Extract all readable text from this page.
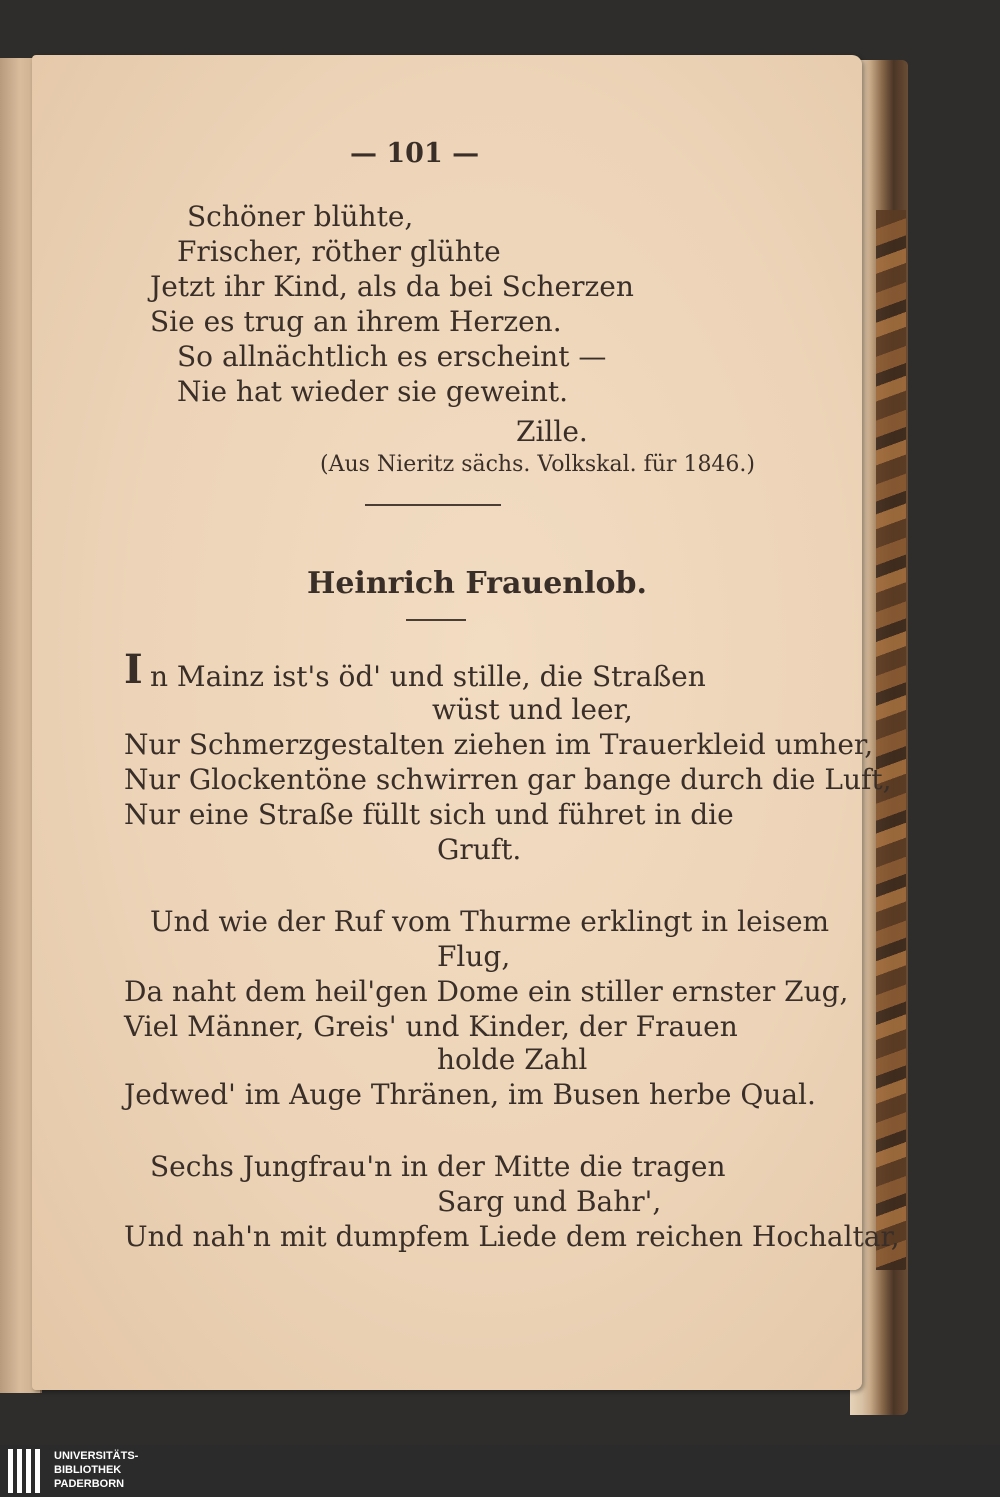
— 101 —
Schöner blühte,
Frischer, röther glühte
Jetzt ihr Kind, als da bei Scherzen
Sie es trug an ihrem Herzen.
So allnächtlich es erscheint —
Nie hat wieder sie geweint.
Zille.
(Aus Nieritz sächs. Volkskal. für 1846.)
Heinrich Frauenlob.
I n Mainz ist's öd' und stille, die Straßen
wüst und leer,
Nur Schmerzgestalten ziehen im Trauerkleid umher,
Nur Glockentöne schwirren gar bange durch die Luft,
Nur eine Straße füllt sich und führet in die
Gruft.
Und wie der Ruf vom Thurme erklingt in leisem
Flug,
Da naht dem heil'gen Dome ein stiller ernster Zug,
Viel Männer, Greis' und Kinder, der Frauen
holde Zahl
Jedwed' im Auge Thränen, im Busen herbe Qual.
Sechs Jungfrau'n in der Mitte die tragen
Sarg und Bahr',
Und nah'n mit dumpfem Liede dem reichen Hochaltar,
UNIVERSITÄTS-
BIBLIOTHEK
PADERBORN
